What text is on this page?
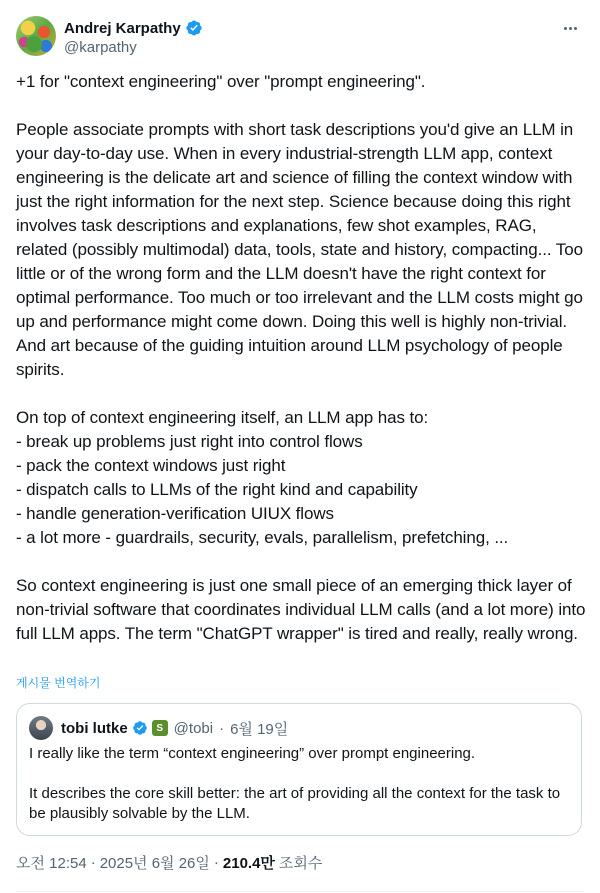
Andrej Karpathy
@karpathy
+1 for "context engineering" over "prompt engineering".

People associate prompts with short task descriptions you'd give an LLM in your day-to-day use. When in every industrial-strength LLM app, context engineering is the delicate art and science of filling the context window with just the right information for the next step. Science because doing this right involves task descriptions and explanations, few shot examples, RAG, related (possibly multimodal) data, tools, state and history, compacting... Too little or of the wrong form and the LLM doesn't have the right context for optimal performance. Too much or too irrelevant and the LLM costs might go up and performance might come down. Doing this well is highly non-trivial. And art because of the guiding intuition around LLM psychology of people spirits.

On top of context engineering itself, an LLM app has to:
- break up problems just right into control flows
- pack the context windows just right
- dispatch calls to LLMs of the right kind and capability
- handle generation-verification UIUX flows
- a lot more - guardrails, security, evals, parallelism, prefetching, ...

So context engineering is just one small piece of an emerging thick layer of non-trivial software that coordinates individual LLM calls (and a lot more) into full LLM apps. The term "ChatGPT wrapper" is tired and really, really wrong.
게시물 번역하기
tobi lutke	S @tobi · 6월 19일
I really like the term “context engineering” over prompt engineering.

It describes the core skill better: the art of providing all the context for the task to be plausibly solvable by the LLM.
오전 12:54 · 2025년 6월 26일 · 210.4만 조회수
